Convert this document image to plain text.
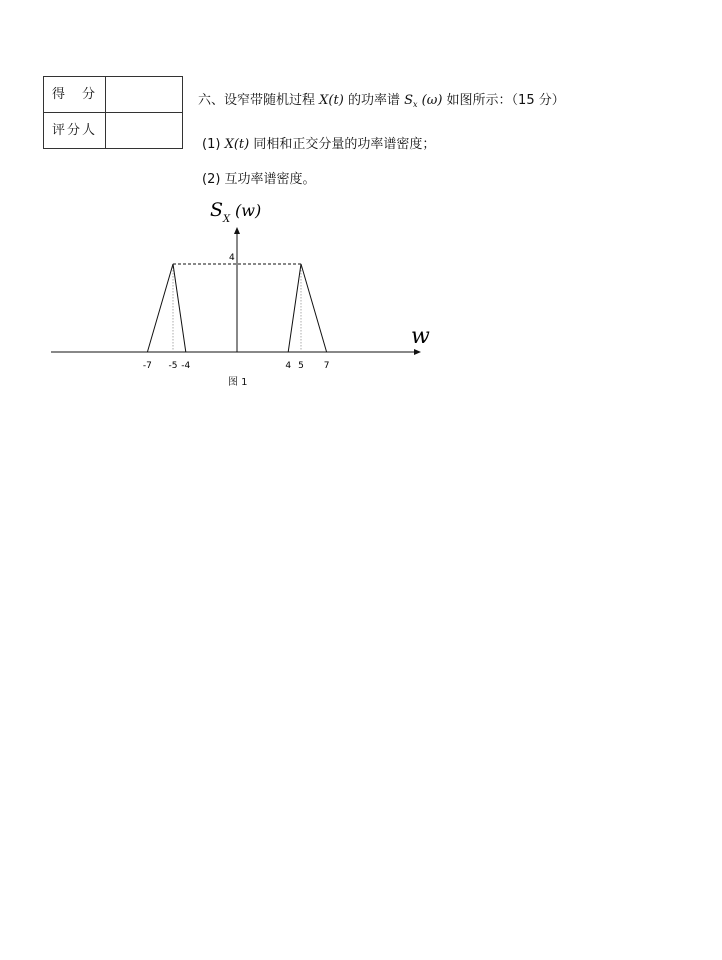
得　分
评分人
六、设窄带随机过程 X(t) 的功率谱 $S_x$ (ω) 如图所示：（15 分）
(1) X(t) 同相和正交分量的功率谱密度；
(2) 互功率谱密度。
S X (w)
w
4
-7 -5 -4	4 5 7
图 1
